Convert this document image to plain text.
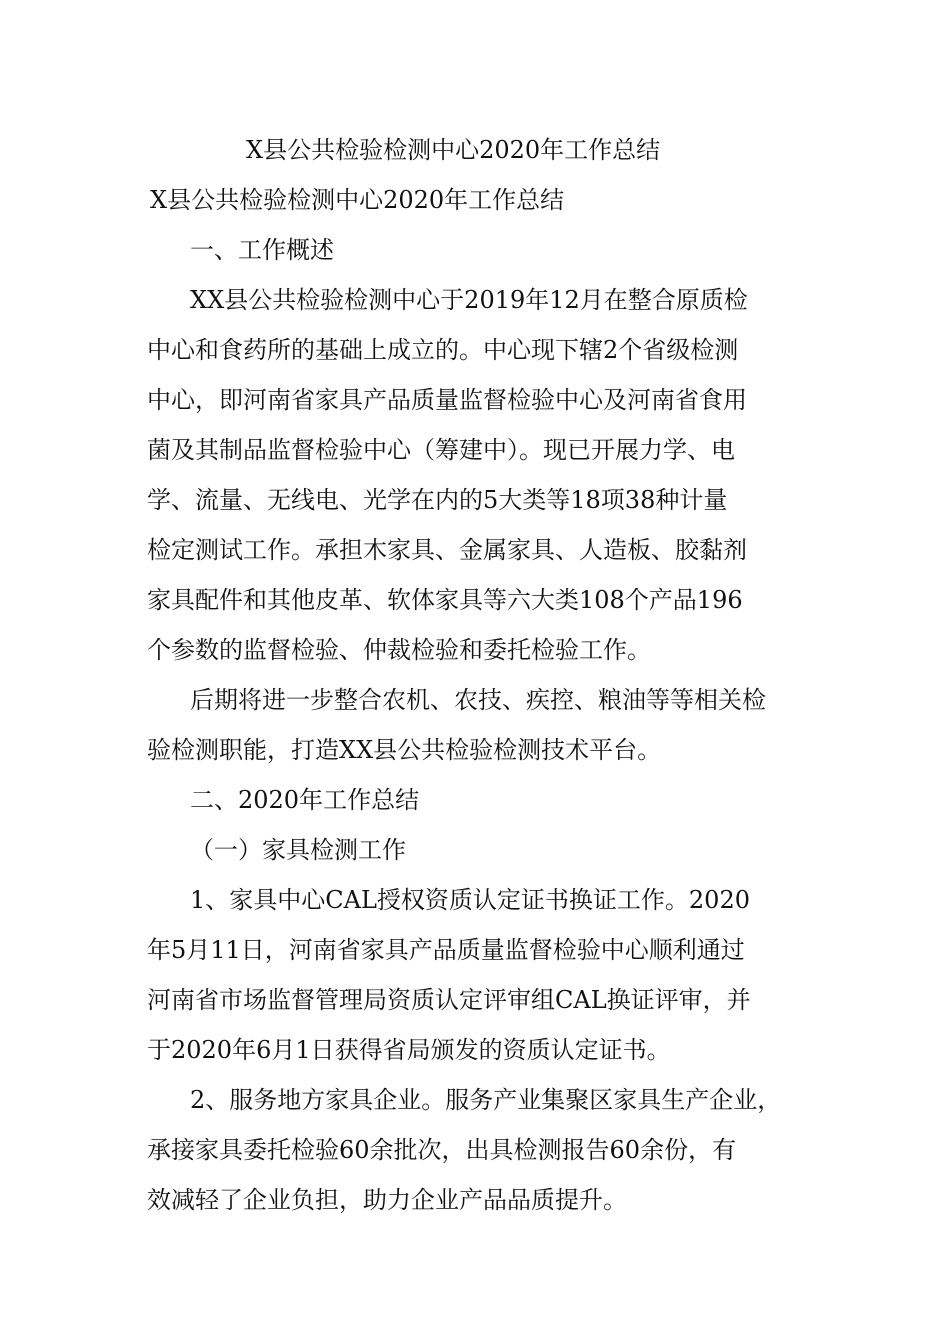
X县公共检验检测中心2020年工作总结

X县公共检验检测中心2020年工作总结

一、工作概述

XX县公共检验检测中心于2019年12月在整合原质检

中心和食药所的基础上成立的。中心现下辖2个省级检测

中心，即河南省家具产品质量监督检验中心及河南省食用

菌及其制品监督检验中心（筹建中）。现已开展力学、电

学、流量、无线电、光学在内的5大类等18项38种计量

检定测试工作。承担木家具、金属家具、人造板、胶黏剂

家具配件和其他皮革、软体家具等六大类108个产品196

个参数的监督检验、仲裁检验和委托检验工作。

后期将进一步整合农机、农技、疾控、粮油等等相关检

验检测职能，打造XX县公共检验检测技术平台。

二、2020年工作总结

（一）家具检测工作

1、家具中心CAL授权资质认定证书换证工作。2020

年5月11日，河南省家具产品质量监督检验中心顺利通过

河南省市场监督管理局资质认定评审组CAL换证评审，并

于2020年6月1日获得省局颁发的资质认定证书。

2、服务地方家具企业。服务产业集聚区家具生产企业，

承接家具委托检验60余批次，出具检测报告60余份，有

效减轻了企业负担，助力企业产品品质提升。
